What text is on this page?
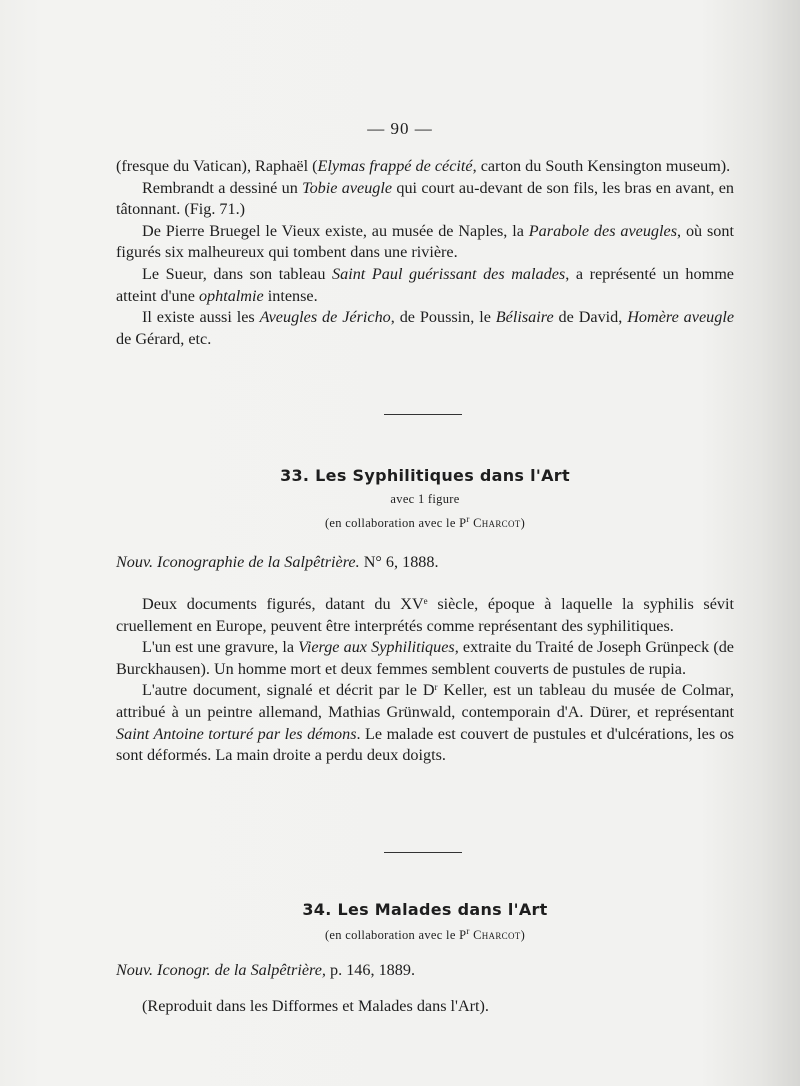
— 90 —

(fresque du Vatican), Raphaël (Elymas frappé de cécité, carton du South Kensington museum).

Rembrandt a dessiné un Tobie aveugle qui court au-devant de son fils, les bras en avant, en tâtonnant. (Fig. 71.)

De Pierre Bruegel le Vieux existe, au musée de Naples, la Parabole des aveugles, où sont figurés six malheureux qui tombent dans une rivière.

Le Sueur, dans son tableau Saint Paul guérissant des malades, a représenté un homme atteint d'une ophtalmie intense.

Il existe aussi les Aveugles de Jéricho, de Poussin, le Bélisaire de David, Homère aveugle de Gérard, etc.

33. Les Syphilitiques dans l'Art
avec 1 figure
(en collaboration avec le $P^r$ Charcot)

Nouv. Iconographie de la Salpêtrière. N° 6, 1888.

Deux documents figurés, datant du XVe siècle, époque à laquelle la syphilis sévit cruellement en Europe, peuvent être interprétés comme représentant des syphilitiques.

L'un est une gravure, la Vierge aux Syphilitiques, extraite du Traité de Joseph Grünpeck (de Burckhausen). Un homme mort et deux femmes semblent couverts de pustules de rupia.

L'autre document, signalé et décrit par le $D^r$ Keller, est un tableau du musée de Colmar, attribué à un peintre allemand, Mathias Grünwald, contemporain d'A. Dürer, et représentant Saint Antoine torturé par les démons. Le malade est couvert de pustules et d'ulcérations, les os sont déformés. La main droite a perdu deux doigts.

34. Les Malades dans l'Art
(en collaboration avec le $P^r$ Charcot)

Nouv. Iconogr. de la Salpêtrière, p. 146, 1889.

(Reproduit dans les Difformes et Malades dans l'Art).
